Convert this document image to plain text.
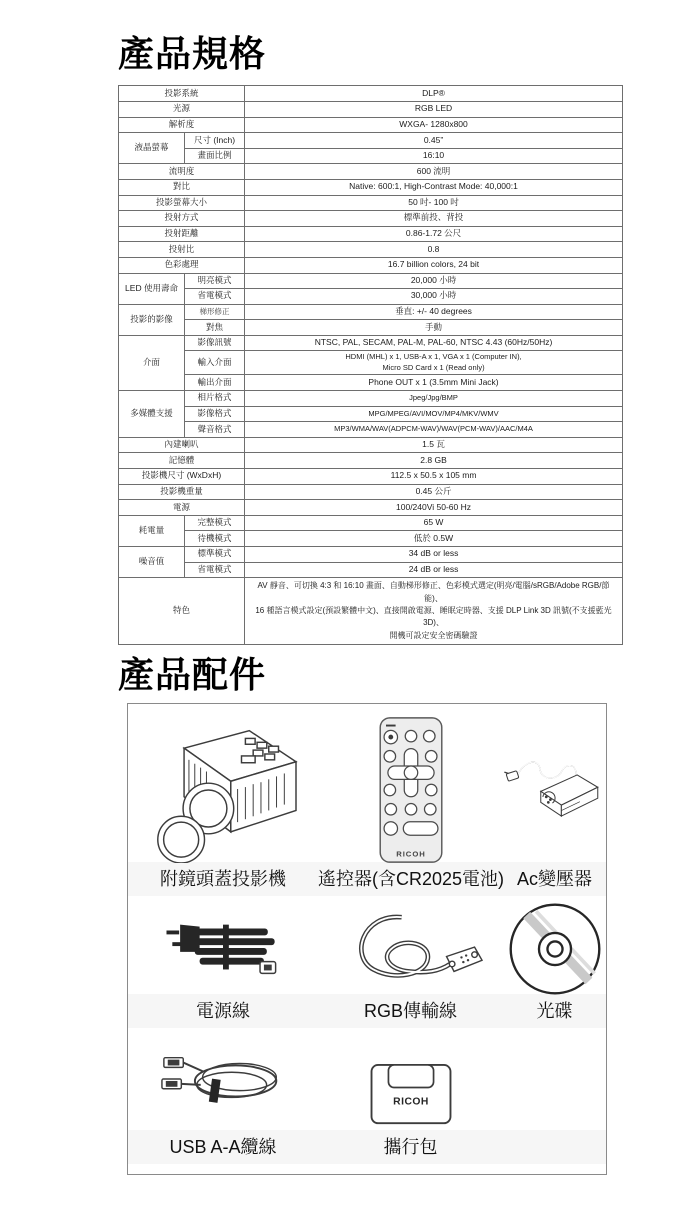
產品規格
投影系統		DLP®
光源		RGB LED
解析度		WXGA- 1280x800
液晶螢幕	尺寸 (Inch)	0.45”
	畫面比例	16:10
流明度		600 流明
對比		Native: 600:1, High-Contrast Mode: 40,000:1
投影螢幕大小		50 吋- 100 吋
投射方式		標準前投、背投
投射距離		0.86-1.72 公尺
投射比		0.8
色彩處理		16.7 billion colors, 24 bit
LED 使用壽命	明亮模式	20,000 小時
	省電模式	30,000 小時
投影的影像	梯形修正	垂直: +/- 40 degrees
	對焦	手動
介面	影像訊號	NTSC, PAL, SECAM, PAL-M, PAL-60, NTSC 4.43 (60Hz/50Hz)
	輸入介面	HDMI (MHL) x 1, USB-A x 1, VGA x 1 (Computer IN),
Micro SD Card x 1 (Read only)
	輸出介面	Phone OUT x 1 (3.5mm Mini Jack)
多媒體支援	相片格式	Jpeg/Jpg/BMP
	影像格式	MPG/MPEG/AVI/MOV/MP4/MKV/WMV
	聲音格式	MP3/WMA/WAV(ADPCM-WAV)/WAV(PCM-WAV)/AAC/M4A
內建喇叭		1.5 瓦
記憶體		2.8 GB
投影機尺寸 (WxDxH)		112.5 x 50.5 x 105 mm
投影機重量		0.45 公斤
電源		100/240Vi 50-60 Hz
耗電量	完整模式	65 W
	待機模式	低於 0.5W
噪音值	標準模式	34 dB or less
	省電模式	24 dB or less
特色		AV 靜音、可切換 4:3 和 16:10 畫面、自動梯形修正、色彩模式選定(明亮/電腦/sRGB/Adobe RGB/節能)、
16 種語言模式設定(預設繁體中文)、直接開啟電源、睡眠定時器、支援 DLP Link 3D 訊號(不支援藍光 3D)、
開機可設定安全密碼驗證
產品配件
RICOH
附鏡頭蓋投影機	遙控器(含CR2025電池) Ac變壓器
電源線	RGB傳輸線	光碟
RICOH
USB A-A纜線	攜行包
